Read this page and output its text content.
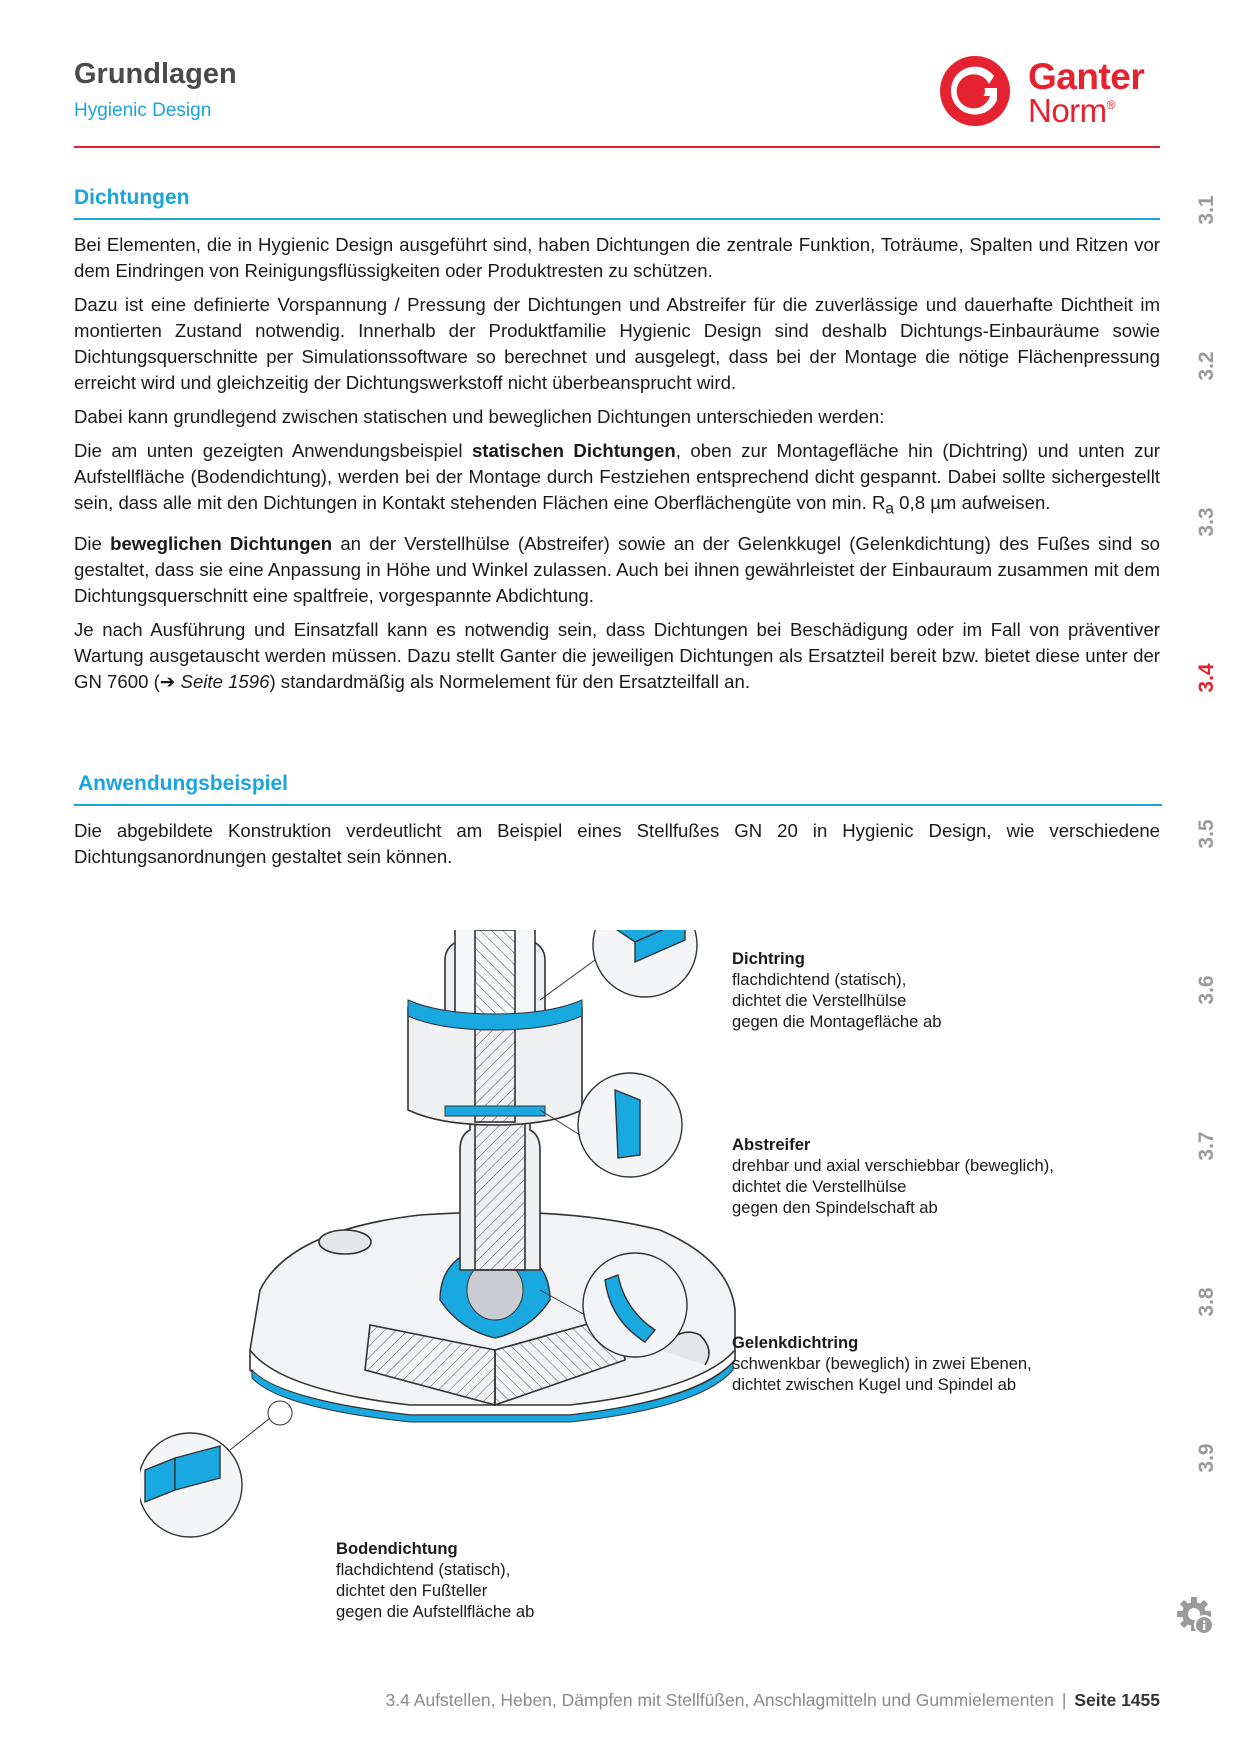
Grundlagen
Hygienic Design
Ganter
Norm®
3.1
3.2
3.3
3.4
3.5
3.6
3.7
3.8
3.9
Dichtungen

Bei Elementen, die in Hygienic Design ausgeführt sind, haben Dichtungen die zentrale Funktion, Toträume, Spalten und Ritzen vor dem Eindringen von Reinigungsflüssigkeiten oder Produktresten zu schützen.

Dazu ist eine definierte Vorspannung / Pressung der Dichtungen und Abstreifer für die zuverlässige und dauerhafte Dichtheit im montierten Zustand notwendig. Innerhalb der Produktfamilie Hygienic Design sind deshalb Dichtungs-Einbauräume sowie Dichtungsquerschnitte per Simulationssoftware so berechnet und ausgelegt, dass bei der Montage die nötige Flächenpressung erreicht wird und gleichzeitig der Dichtungswerkstoff nicht überbeansprucht wird.

Dabei kann grundlegend zwischen statischen und beweglichen Dichtungen unterschieden werden:

Die am unten gezeigten Anwendungsbeispiel statischen Dichtungen, oben zur Montagefläche hin (Dichtring) und unten zur Aufstellfläche (Bodendichtung), werden bei der Montage durch Festziehen entsprechend dicht gespannt. Dabei sollte sichergestellt sein, dass alle mit den Dichtungen in Kontakt stehenden Flächen eine Oberflächengüte von min. $R_a$ 0,8 µm aufweisen.

Die beweglichen Dichtungen an der Verstellhülse (Abstreifer) sowie an der Gelenkkugel (Gelenkdichtung) des Fußes sind so gestaltet, dass sie eine Anpassung in Höhe und Winkel zulassen. Auch bei ihnen gewährleistet der Einbauraum zusammen mit dem Dichtungsquerschnitt eine spaltfreie, vorgespannte Abdichtung.

Je nach Ausführung und Einsatzfall kann es notwendig sein, dass Dichtungen bei Beschädigung oder im Fall von präventiver Wartung ausgetauscht werden müssen. Dazu stellt Ganter die jeweiligen Dichtungen als Ersatzteil bereit bzw. bietet diese unter der GN 7600 (➔ Seite 1596) standardmäßig als Normelement für den Ersatzteilfall an.

Anwendungsbeispiel

Die abgebildete Konstruktion verdeutlicht am Beispiel eines Stellfußes GN 20 in Hygienic Design, wie verschiedene Dichtungsanordnungen gestaltet sein können.

Dichtring
flachdichtend (statisch),
dichtet die Verstellhülse
gegen die Montagefläche ab
Abstreifer
drehbar und axial verschiebbar (beweglich),
dichtet die Verstellhülse
gegen den Spindelschaft ab
Gelenkdichtring
schwenkbar (beweglich) in zwei Ebenen,
dichtet zwischen Kugel und Spindel ab
Bodendichtung
flachdichtend (statisch),
dichtet den Fußteller
gegen die Aufstellfläche ab
3.4 Aufstellen, Heben, Dämpfen mit Stellfüßen, Anschlagmitteln und Gummielementen | Seite 1455
